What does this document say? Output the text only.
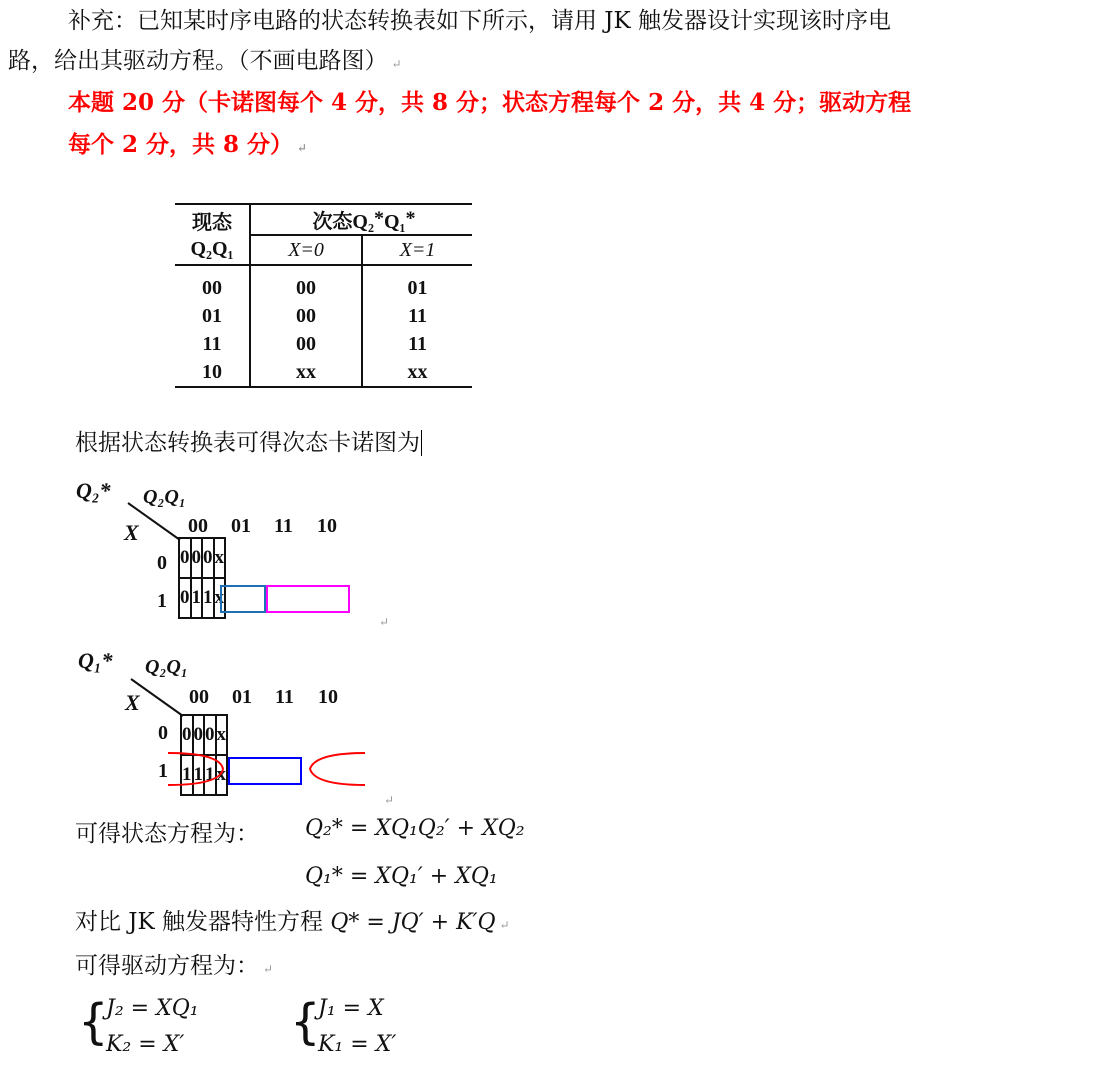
补充：已知某时序电路的状态转换表如下所示，请用 JK 触发器设计实现该时序电
路，给出其驱动方程。（不画电路图） ↵
本题 20 分（卡诺图每个 4 分，共 8 分；状态方程每个 2 分，共 4 分；驱动方程
每个 2 分，共 8 分） ↵
现态	次态Q₂ ⃰ Q₁ ⃰	
Q₂Q₁	X=0	X=1
00	00	01
01	00	11
11	00	11
10	xx	xx
根据状态转换表可得次态卡诺图为
Q₂* Q₂Q₁
X 00 01 11 10
0
1
0	0	0	x
0	1	1	x
↵
Q₁* Q₂Q₁
X 00 01 11 10
0
1
0	0	0	x
1	1	1	x
↵
可得状态方程为： Q₂* = XQ₁Q₂′ + XQ₂
Q₁* = XQ₁′ + XQ₁
对比 JK 触发器特性方程 Q* = JQ′ + K′Q ↵
可得驱动方程为： ↵
{
J₂ = XQ₁
K₂ = X′ {
J₁ = X
K₁ = X′
